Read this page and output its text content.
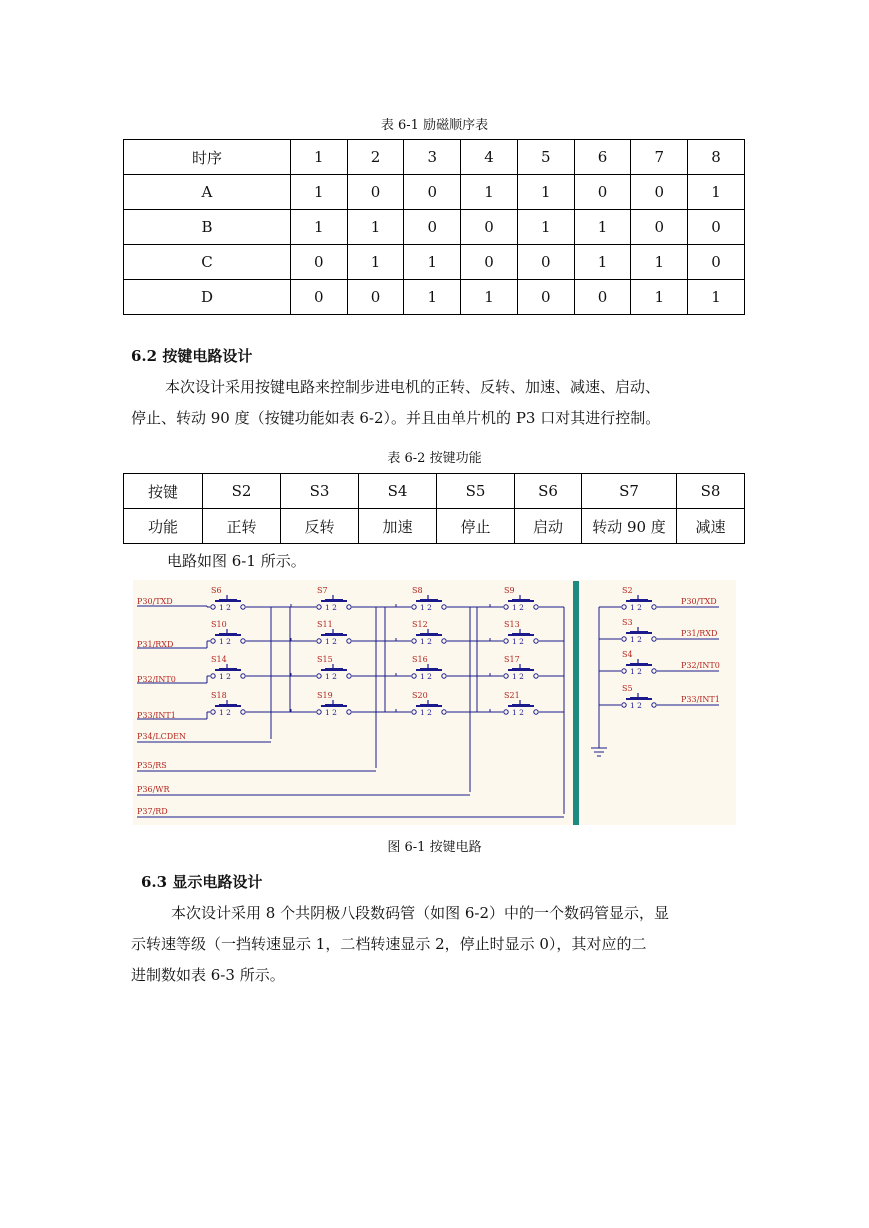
表 6-1 励磁顺序表
时序	1	2	3	4	5	6	7	8
A	1	0	0	1	1	0	0	1
B	1	1	0	0	1	1	0	0
C	0	1	1	0	0	1	1	0
D	0	0	1	1	0	0	1	1
6.2 按键电路设计
本次设计采用按键电路来控制步进电机的正转、反转、加速、减速、启动、
停止、转动 90 度（按键功能如表 6-2）。并且由单片机的 P3 口对其进行控制。
表 6-2 按键功能
按键	S2	S3	S4	S5	S6	S7	S8
功能	正转	反转	加速	停止	启动	转动 90 度	减速
电路如图 6-1 所示。
1 2
S6
1 2
S7
1 2
S8
1 2
S9
1 2
S10
1 2
S11
1 2
S12
1 2
S13
1 2
S14
1 2
S15
1 2
S16
1 2
S17
1 2
S18
1 2
S19
1 2
S20
1 2
S21
1 2
S2
1 2
S3
1 2
S4
1 2
S5
P30/TXD
P31/RXD
P32/INT0
P33/INT1
P34/LCDEN
P35/RS
P36/WR
P37/RD
P30/TXD
P31/RXD
P32/INT0
P33/INT1
图 6-1 按键电路
6.3 显示电路设计
本次设计采用 8 个共阴极八段数码管（如图 6-2）中的一个数码管显示，显
示转速等级（一挡转速显示 1，二档转速显示 2，停止时显示 0），其对应的二
进制数如表 6-3 所示。
